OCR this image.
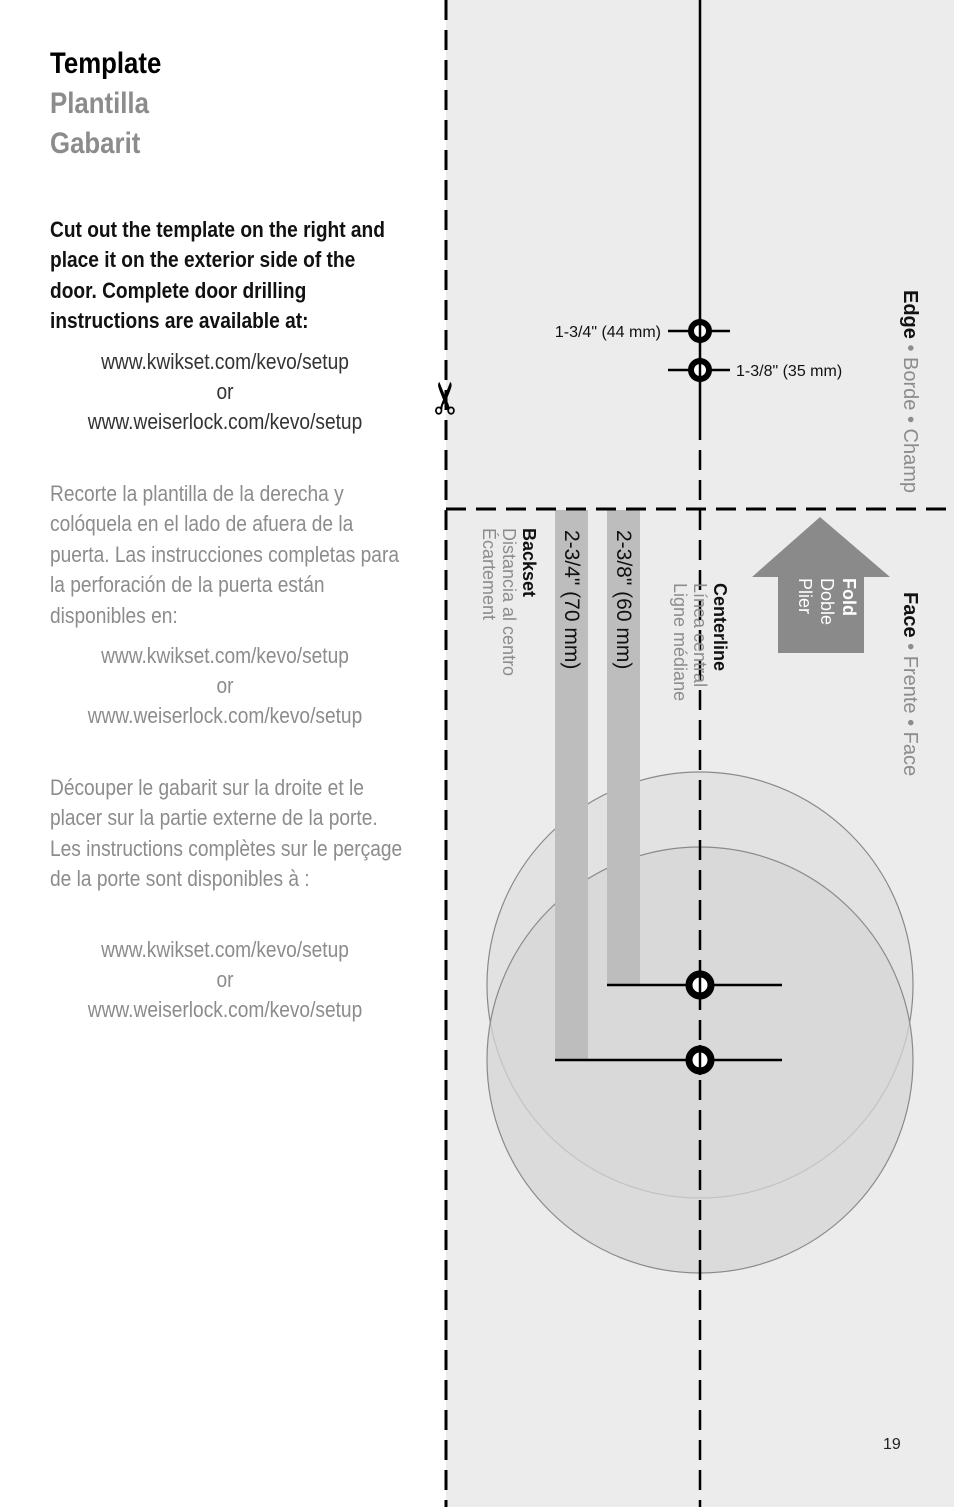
Template
Plantilla
Gabarit
Cut out the template on the right and place it on the exterior side of the door. Complete door drilling instructions are available at:
www.kwikset.com/kevo/setup
or
www.weiserlock.com/kevo/setup
Recorte la plantilla de la derecha y colóquela en el lado de afuera de la puerta. Las instrucciones completas para la perforación de la puerta están disponibles en:
www.kwikset.com/kevo/setup
or
www.weiserlock.com/kevo/setup
Découper le gabarit sur la droite et le placer sur la partie externe de la porte. Les instructions complètes sur le perçage de la porte sont disponibles à :
www.kwikset.com/kevo/setup
or
www.weiserlock.com/kevo/setup
1-3/4" (44 mm)
1-3/8" (35 mm)
Fold
Doble
Plier
✂
Edge • Borde • Champ
Face • Frente • Face
Centerline
Línea central
Ligne médiane
2-3/8" (60 mm)
2-3/4" (70 mm)
Backset
Distancia al centro
Écartement
19
